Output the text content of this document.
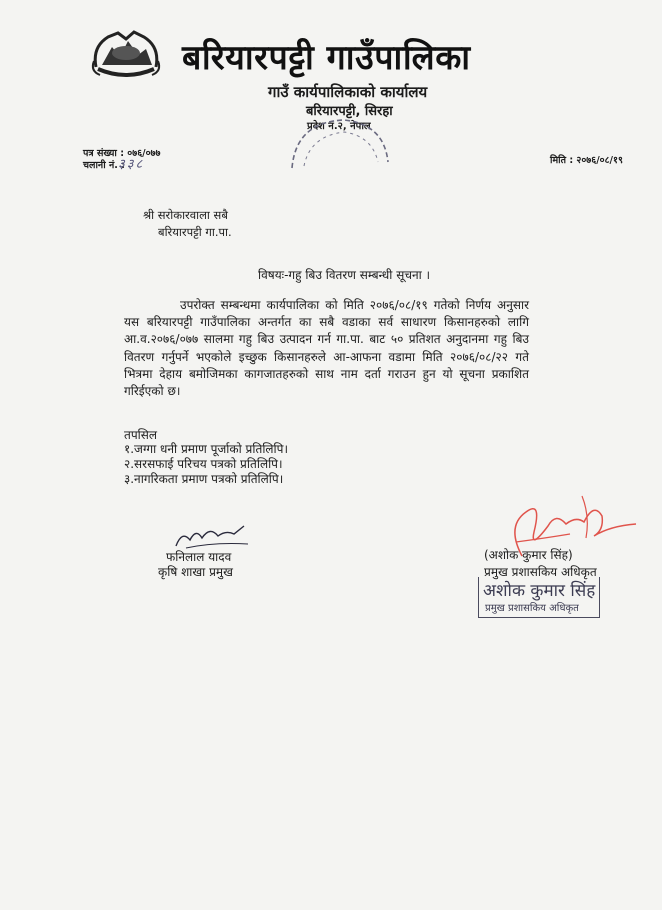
बरियारपट्टी गाउँपालिका
गाउँ कार्यपालिकाको कार्यालय
बरियारपट्टी, सिरहा
प्रदेश नं.२, नेपाल
पत्र संख्या : ०७६/०७७
चलानी नं. :
३३८	मिति : २०७६/०८/१९
श्री सरोकारवाला सबै
बरियारपट्टी गा.पा.
विषयः-गहु बिउ वितरण सम्बन्धी सूचना ।
उपरोक्त सम्बन्धमा कार्यपालिका को मिति २०७६/०८/१९ गतेको निर्णय अनुसार यस बरियारपट्टी गाउँपालिका अन्तर्गत का सबै वडाका सर्व साधारण किसानहरुको लागि आ.व.२०७६/०७७ सालमा गहु बिउ उत्पादन गर्न गा.पा. बाट ५० प्रतिशत अनुदानमा गहु बिउ वितरण गर्नुपर्ने भएकोले इच्छुक किसानहरुले आ-आफना वडामा मिति २०७६/०८/२२ गते भित्रमा देहाय बमोजिमका कागजातहरुको साथ नाम दर्ता गराउन हुन यो सूचना प्रकाशित गरिईएको छ।
तपसिल
१.जग्गा धनी प्रमाण पूर्जाको प्रतिलिपि।
२.सरसफाई परिचय पत्रको प्रतिलिपि।
३.नागरिकता प्रमाण पत्रको प्रतिलिपि।
फनिलाल यादव
कृषि शाखा प्रमुख
(अशोक कुमार सिंह)
प्रमुख प्रशासकिय अधिकृत
अशोक कुमार सिंह
प्रमुख प्रशासकिय अधिकृत
